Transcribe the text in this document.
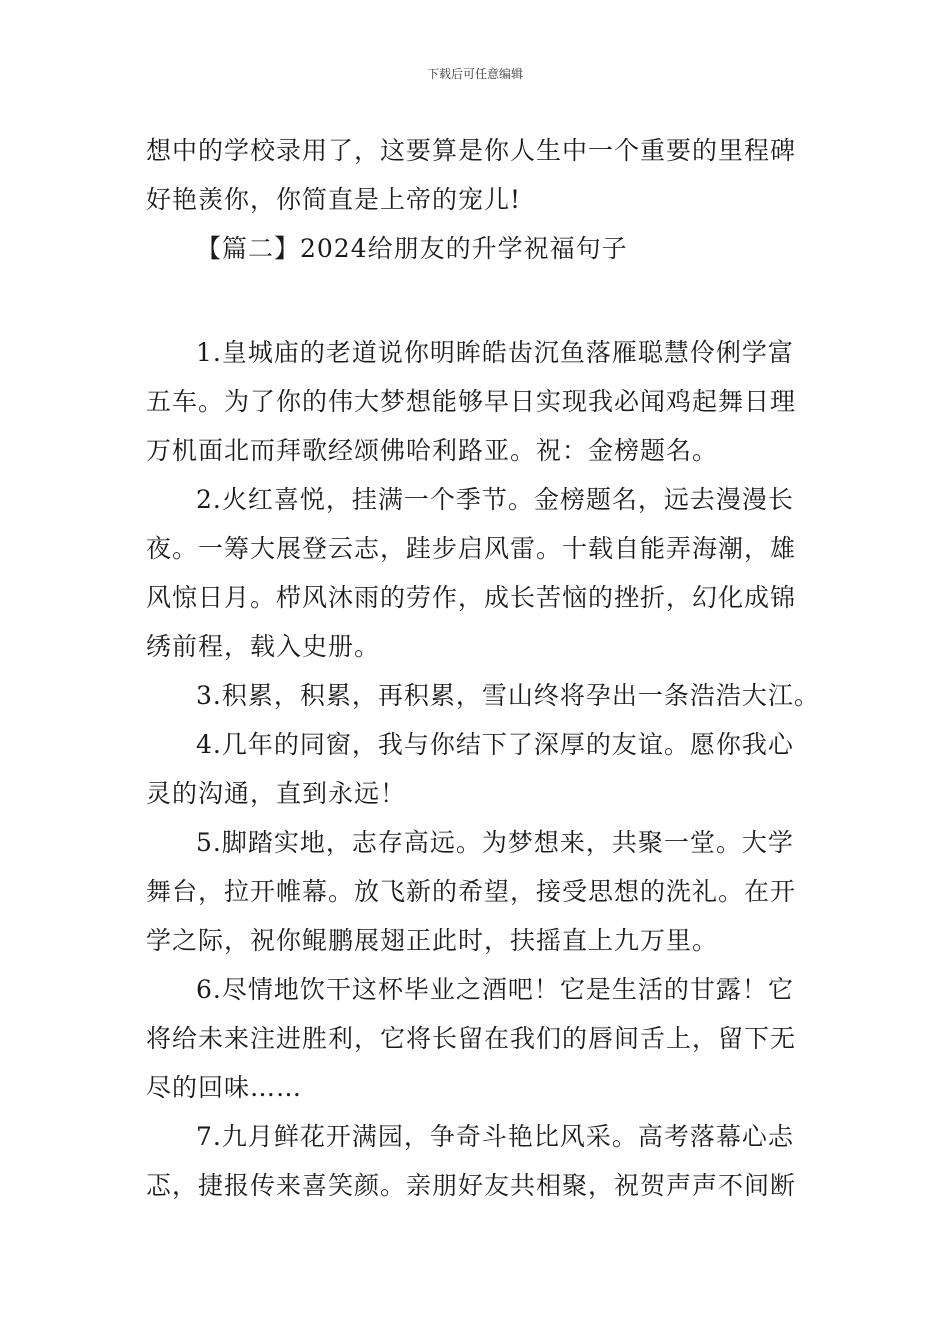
下载后可任意编辑
想中的学校录用了，这要算是你人生中一个重要的里程碑
好艳羡你，你简直是上帝的宠儿!
【篇二】2024给朋友的升学祝福句子
1.皇城庙的老道说你明眸皓齿沉鱼落雁聪慧伶俐学富
五车。为了你的伟大梦想能够早日实现我必闻鸡起舞日理
万机面北而拜歌经颂佛哈利路亚。祝：金榜题名。
2.火红喜悦，挂满一个季节。金榜题名，远去漫漫长
夜。一筹大展登云志，跬步启风雷。十载自能弄海潮，雄
风惊日月。栉风沐雨的劳作，成长苦恼的挫折，幻化成锦
绣前程，载入史册。
3.积累，积累，再积累，雪山终将孕出一条浩浩大江。
4.几年的同窗，我与你结下了深厚的友谊。愿你我心
灵的沟通，直到永远！
5.脚踏实地，志存高远。为梦想来，共聚一堂。大学
舞台，拉开帷幕。放飞新的希望，接受思想的洗礼。在开
学之际，祝你鲲鹏展翅正此时，扶摇直上九万里。
6.尽情地饮干这杯毕业之酒吧！它是生活的甘露！它
将给未来注进胜利，它将长留在我们的唇间舌上，留下无
尽的回味……
7.九月鲜花开满园，争奇斗艳比风采。高考落幕心忐
忑，捷报传来喜笑颜。亲朋好友共相聚，祝贺声声不间断
